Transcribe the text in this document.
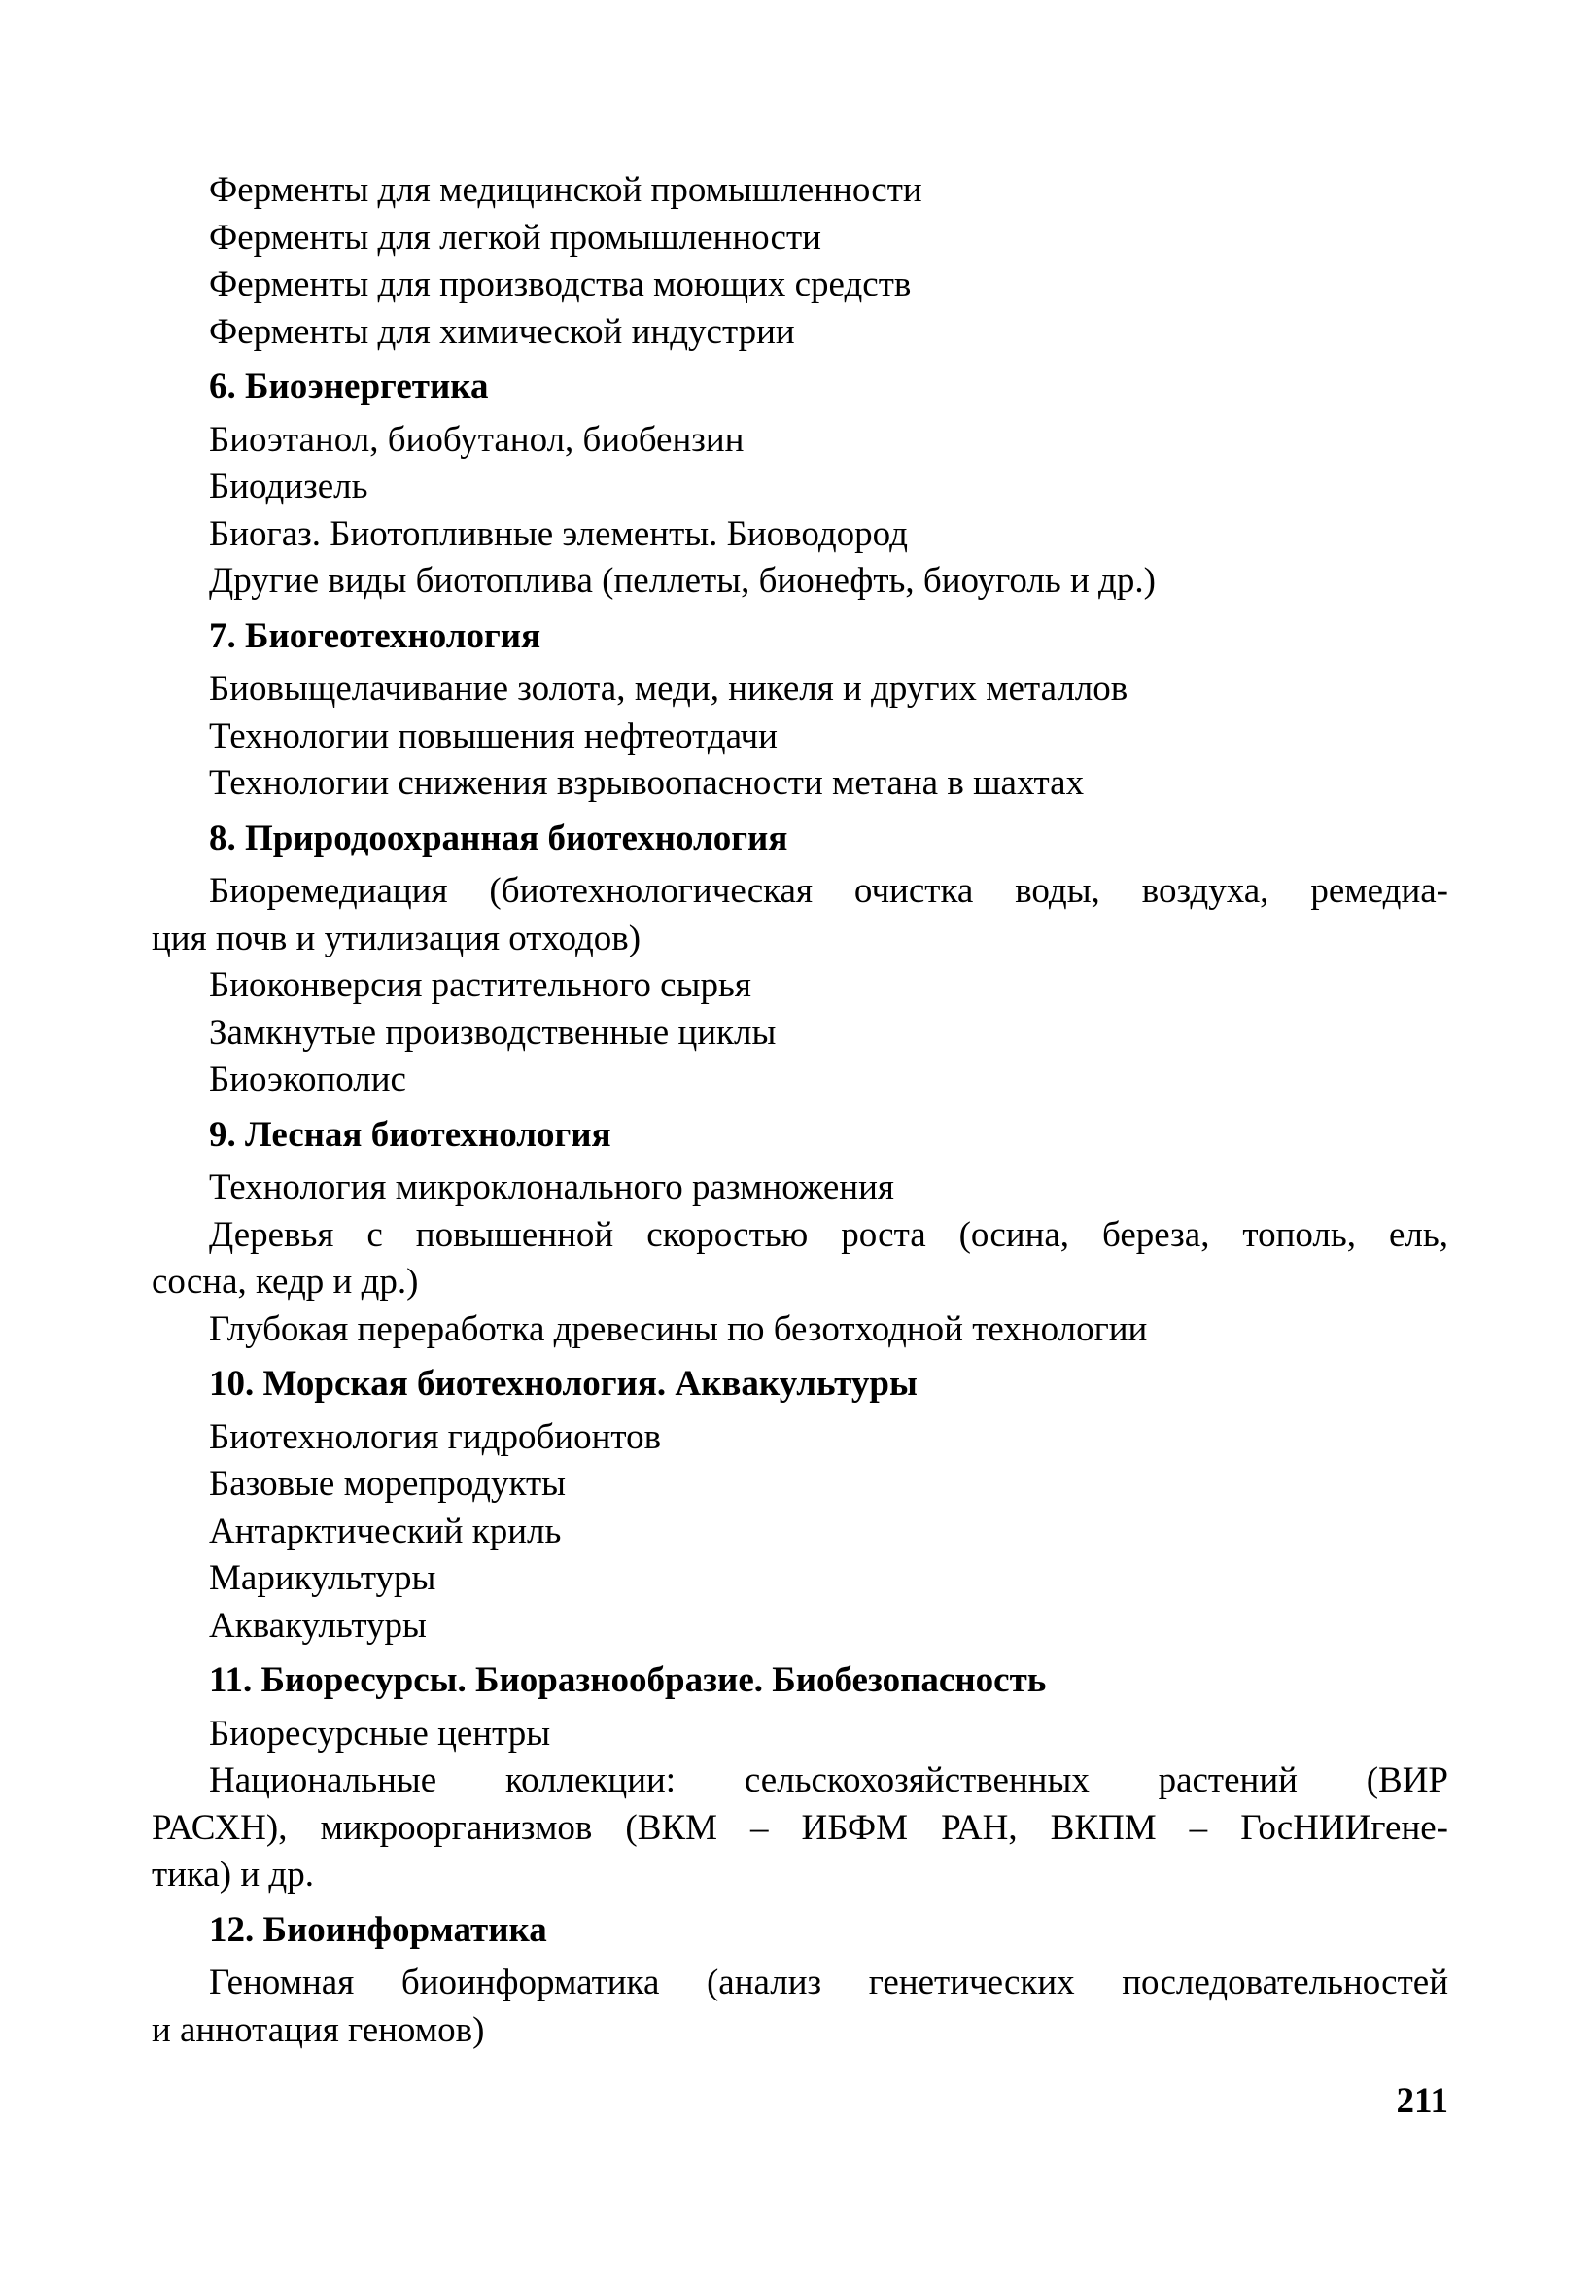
Ферменты для медицинской промышленности

Ферменты для легкой промышленности

Ферменты для производства моющих средств

Ферменты для химической индустрии

6. Биоэнергетика

Биоэтанол, биобутанол, биобензин

Биодизель

Биогаз. Биотопливные элементы. Биоводород

Другие виды биотоплива (пеллеты, бионефть, биоуголь и др.)

7. Биогеотехнология

Биовыщелачивание золота, меди, никеля и других металлов

Технологии повышения нефтеотдачи

Технологии снижения взрывоопасности метана в шахтах

8. Природоохранная биотехнология

Биоремедиация (биотехнологическая очистка воды, воздуха, ремедиа-
ция почв и утилизация отходов)

Биоконверсия растительного сырья

Замкнутые производственные циклы

Биоэкополис

9. Лесная биотехнология

Технология микроклонального размножения

Деревья с повышенной скоростью роста (осина, береза, тополь, ель,
сосна, кедр и др.)

Глубокая переработка древесины по безотходной технологии

10. Морская биотехнология. Аквакультуры

Биотехнология гидробионтов

Базовые морепродукты

Антарктический криль

Марикультуры

Аквакультуры

11. Биоресурсы. Биоразнообразие. Биобезопасность

Биоресурсные центры

Национальные коллекции: сельскохозяйственных растений (ВИР
РАСХН), микроорганизмов (ВКМ – ИБФМ РАН, ВКПМ – ГосНИИгене-
тика) и др.

12. Биоинформатика

Геномная биоинформатика (анализ генетических последовательностей
и аннотация геномов)

211
